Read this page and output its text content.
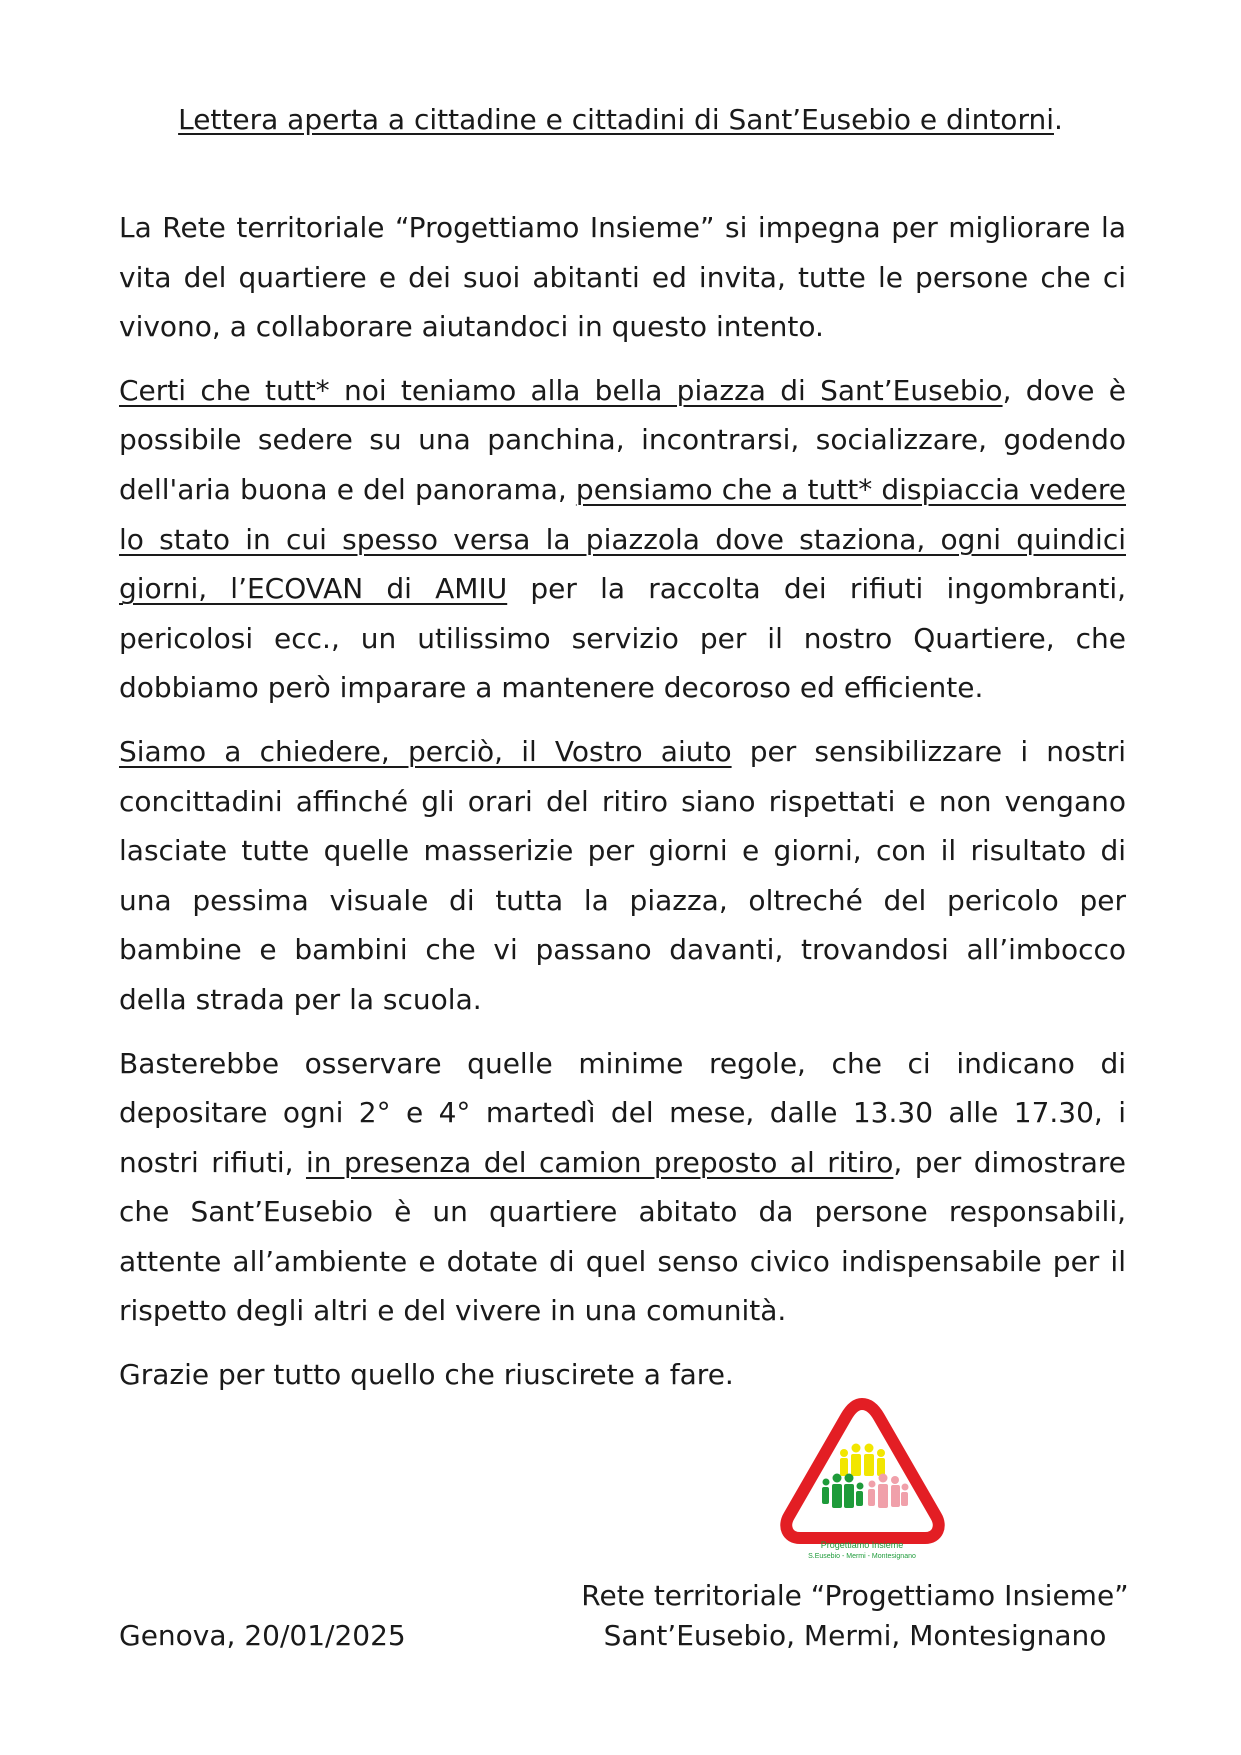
Lettera aperta a cittadine e cittadini di Sant’Eusebio e dintorni.

La Rete territoriale “Progettiamo Insieme” si impegna per migliorare la vita del quartiere e dei suoi abitanti ed invita, tutte le persone che ci vivono, a collaborare aiutandoci in questo intento.

Certi che tutt* noi teniamo alla bella piazza di Sant’Eusebio, dove è possibile sedere su una panchina, incontrarsi, socializzare, godendo dell'aria buona e del panorama, pensiamo che a tutt* dispiaccia vedere lo stato in cui spesso versa la piazzola dove staziona, ogni quindici giorni, l’ECOVAN di AMIU per la raccolta dei rifiuti ingombranti, pericolosi ecc., un utilissimo servizio per il nostro Quartiere, che dobbiamo però imparare a mantenere decoroso ed efficiente.

Siamo a chiedere, perciò, il Vostro aiuto per sensibilizzare i nostri concittadini affinché gli orari del ritiro siano rispettati e non vengano lasciate tutte quelle masserizie per giorni e giorni, con il risultato di una pessima visuale di tutta la piazza, oltreché del pericolo per bambine e bambini che vi passano davanti, trovandosi all’imbocco della strada per la scuola.

Basterebbe osservare quelle minime regole, che ci indicano di depositare ogni 2° e 4° martedì del mese, dalle 13.30 alle 17.30, i nostri rifiuti, in presenza del camion preposto al ritiro, per dimostrare che Sant’Eusebio è un quartiere abitato da persone responsabili, attente all’ambiente e dotate di quel senso civico indispensabile per il rispetto degli altri e del vivere in una comunità.

Grazie per tutto quello che riuscirete a fare.

Progettiamo Insieme
S.Eusebio - Mermi - Montesignano
Rete territoriale “Progettiamo Insieme”
Sant’Eusebio, Mermi, Montesignano
Genova, 20/01/2025
